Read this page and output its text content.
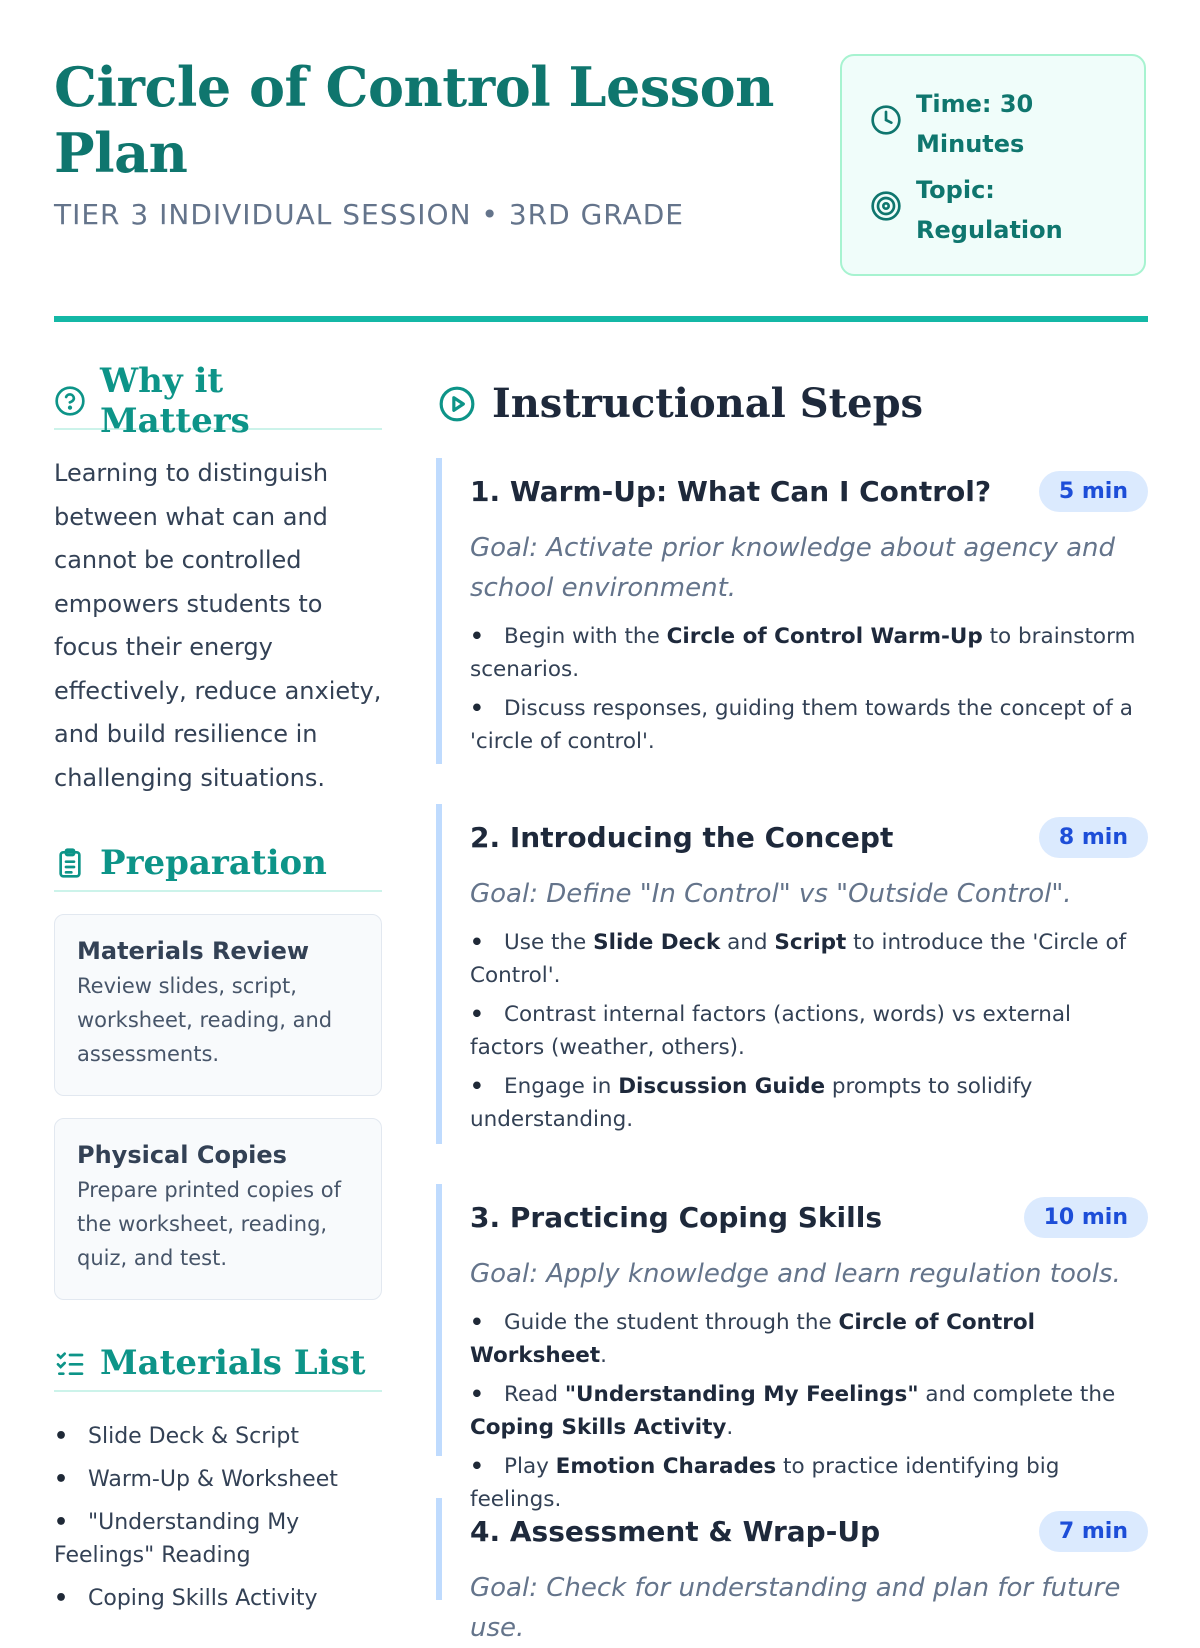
Circle of Control Lesson Plan
TIER 3 INDIVIDUAL SESSION • 3RD GRADE
Time: 30 Minutes
Topic: Regulation
Why it Matters

Learning to distinguish between what can and cannot be controlled empowers students to focus their energy effectively, reduce anxiety, and build resilience in challenging situations.

Preparation
Materials Review
Review slides, script, worksheet, reading, and assessments.
Physical Copies
Prepare printed copies of the worksheet, reading, quiz, and test.
Materials List
• Slide Deck & Script
• Warm-Up & Worksheet
• "Understanding My Feelings" Reading
• Coping Skills Activity
Instructional Steps
1. Warm-Up: What Can I Control?	5 min
Goal: Activate prior knowledge about agency and school environment.
• Begin with the Circle of Control Warm-Up to brainstorm scenarios.
• Discuss responses, guiding them towards the concept of a 'circle of control'.
2. Introducing the Concept	8 min
Goal: Define "In Control" vs "Outside Control".
• Use the Slide Deck and Script to introduce the 'Circle of Control'.
• Contrast internal factors (actions, words) vs external factors (weather, others).
• Engage in Discussion Guide prompts to solidify understanding.
3. Practicing Coping Skills	10 min
Goal: Apply knowledge and learn regulation tools.
• Guide the student through the Circle of Control Worksheet.
• Read "Understanding My Feelings" and complete the Coping Skills Activity.
• Play Emotion Charades to practice identifying big feelings.
4. Assessment & Wrap-Up	7 min
Goal: Check for understanding and plan for future use.
